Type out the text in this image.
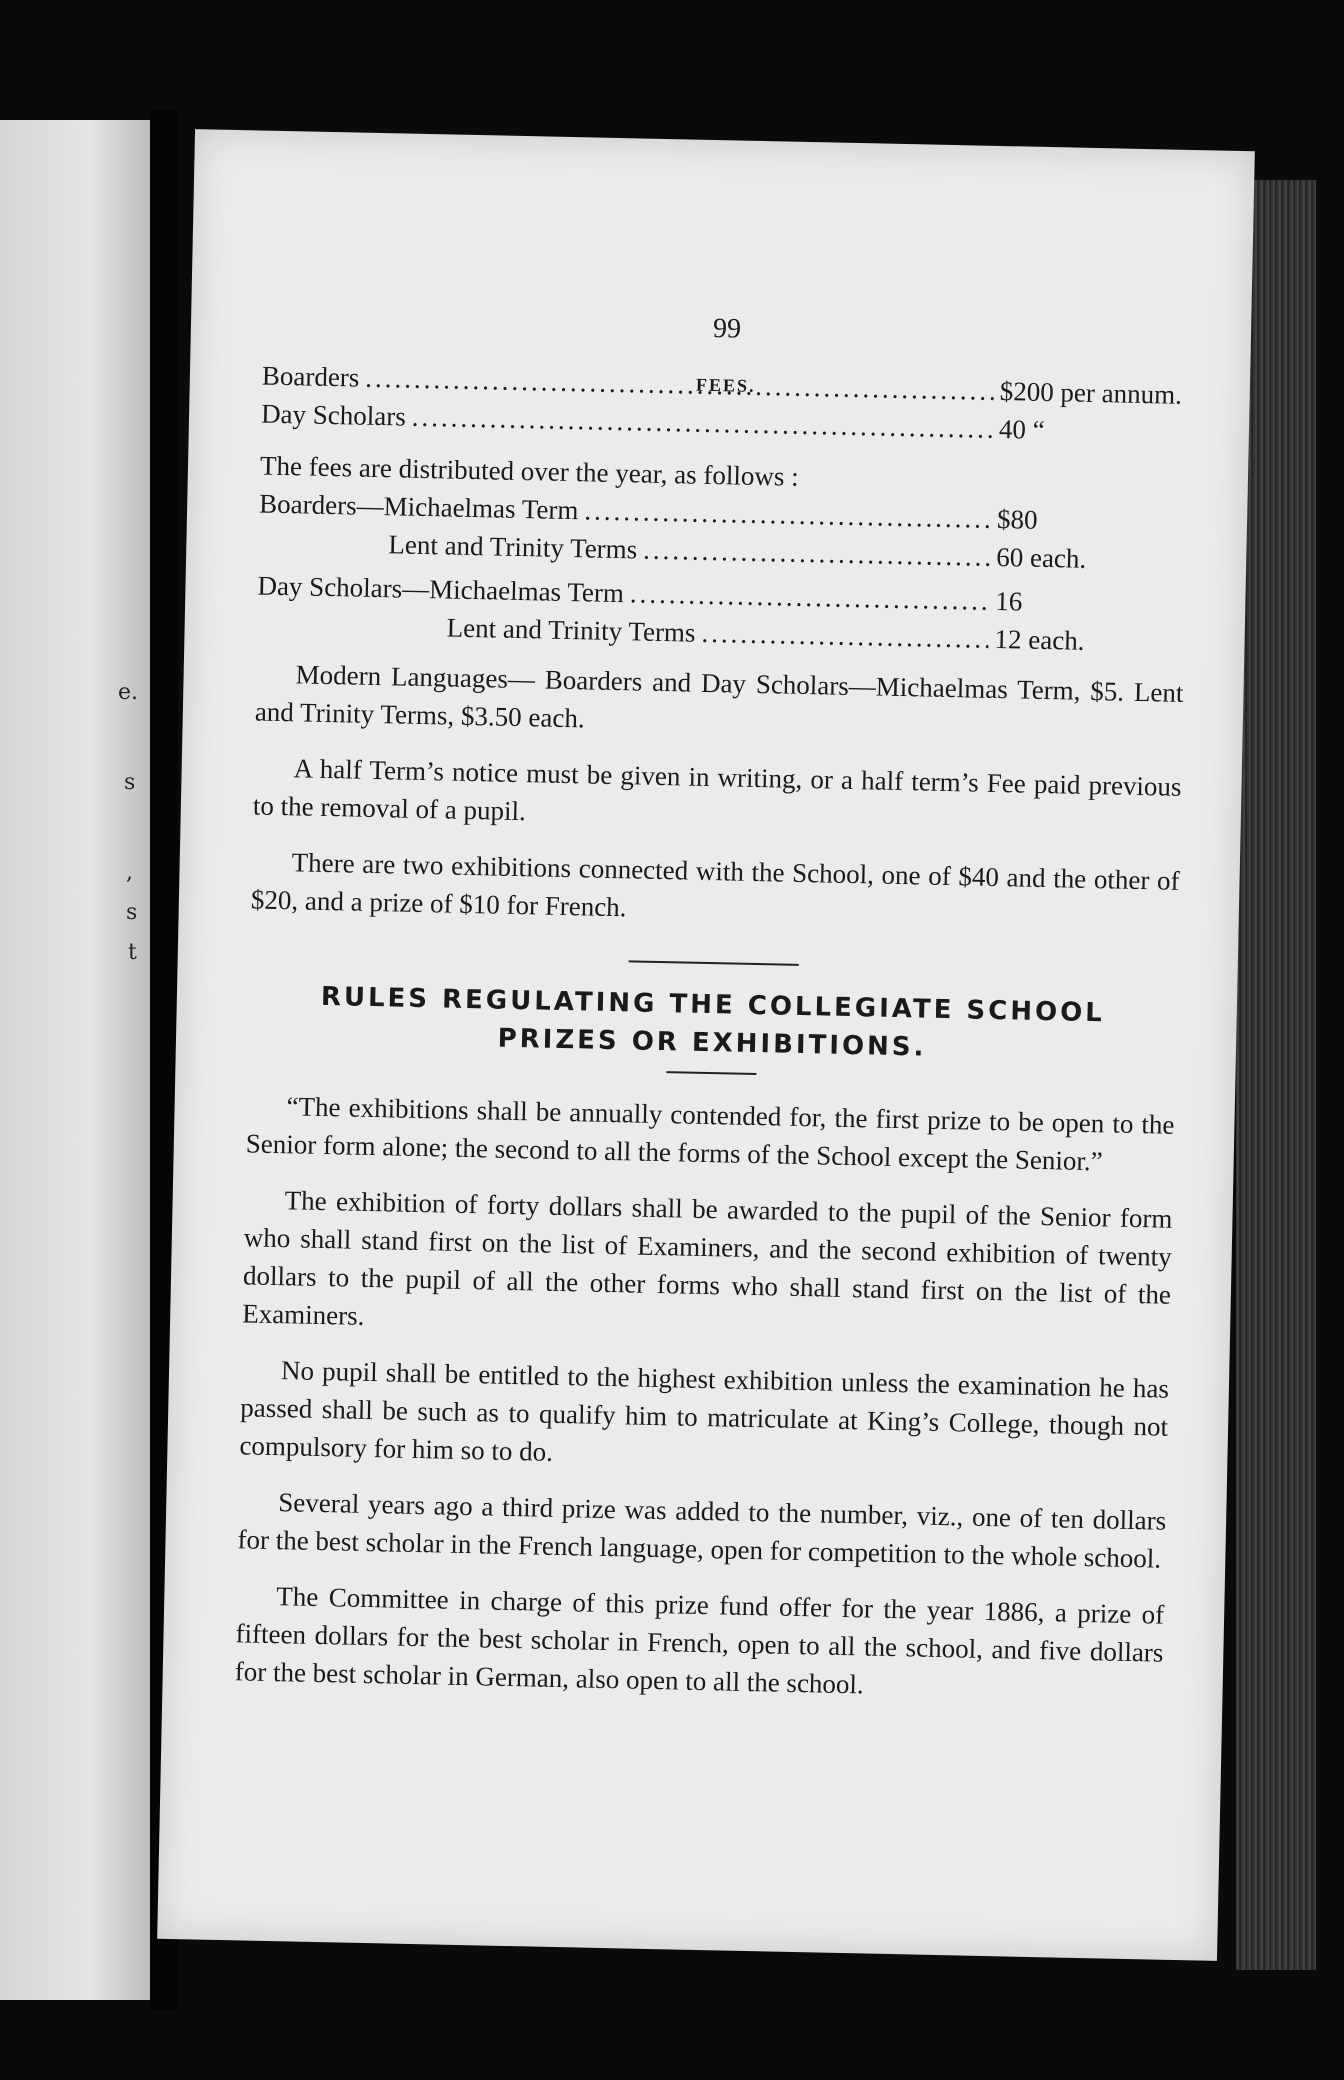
e.
s
,
s
t
99
FEES.
Boarders .....	$200 per annum.
Day Scholars .....	40 “
The fees are distributed over the year, as follows :
Boarders—Michaelmas Term .....	$80
Lent and Trinity Terms .....	60 each.
Day Scholars—Michaelmas Term .....	16
Lent and Trinity Terms .....	12 each.

Modern Languages— Boarders and Day Scholars—Michaelmas Term, $5. Lent and Trinity Terms, $3.50 each.

A half Term’s notice must be given in writing, or a half term’s Fee paid previous to the removal of a pupil.

There are two exhibitions connected with the School, one of $40 and the other of $20, and a prize of $10 for French.

RULES REGULATING THE COLLEGIATE SCHOOL
PRIZES OR EXHIBITIONS.

“The exhibitions shall be annually contended for, the first prize to be open to the Senior form alone; the second to all the forms of the School except the Senior.”

The exhibition of forty dollars shall be awarded to the pupil of the Senior form who shall stand first on the list of Examiners, and the second exhibition of twenty dollars to the pupil of all the other forms who shall stand first on the list of the Examiners.

No pupil shall be entitled to the highest exhibition unless the examination he has passed shall be such as to qualify him to matriculate at King’s College, though not compulsory for him so to do.

Several years ago a third prize was added to the number, viz., one of ten dollars for the best scholar in the French language, open for competition to the whole school.

The Committee in charge of this prize fund offer for the year 1886, a prize of fifteen dollars for the best scholar in French, open to all the school, and five dollars for the best scholar in German, also open to all the school.
